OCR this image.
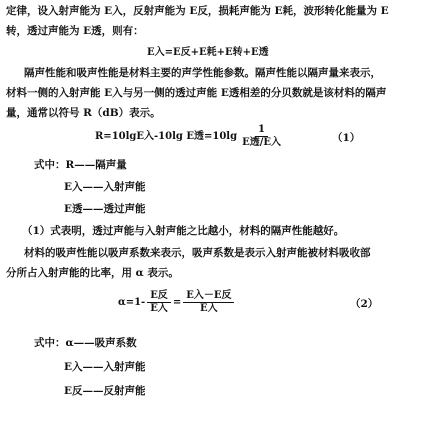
定律，设入射声能为 E入，反射声能为 E反，损耗声能为 E耗，波形转化能量为 E
转，透过声能为 E透，则有：
E入=E反+E耗+E转+E透
隔声性能和吸声性能是材料主要的声学性能参数。隔声性能以隔声量来表示，
材料一侧的入射声能 E入与另一侧的透过声能 E透相差的分贝数就是该材料的隔声
量，通常以符号 R（dB）表示。
R=10lgE入-10lg E透$=10\lg \frac{1}{\text{E透/E入}}$	（1）
式中：R——隔声量
E入——入射声能
E透——透过声能
（1）式表明，透过声能与入射声能之比越小，材料的隔声性能越好。
材料的吸声性能以吸声系数来表示，吸声系数是表示入射声能被材料吸收部
分所占入射声能的比率，用 α 表示。
$\alpha=1- \frac{\text{E反}}{\text{E入}} = \frac{\text{E入－E反}}{\text{E入}}$	（2）
式中：α——吸声系数
E入——入射声能
E反——反射声能
